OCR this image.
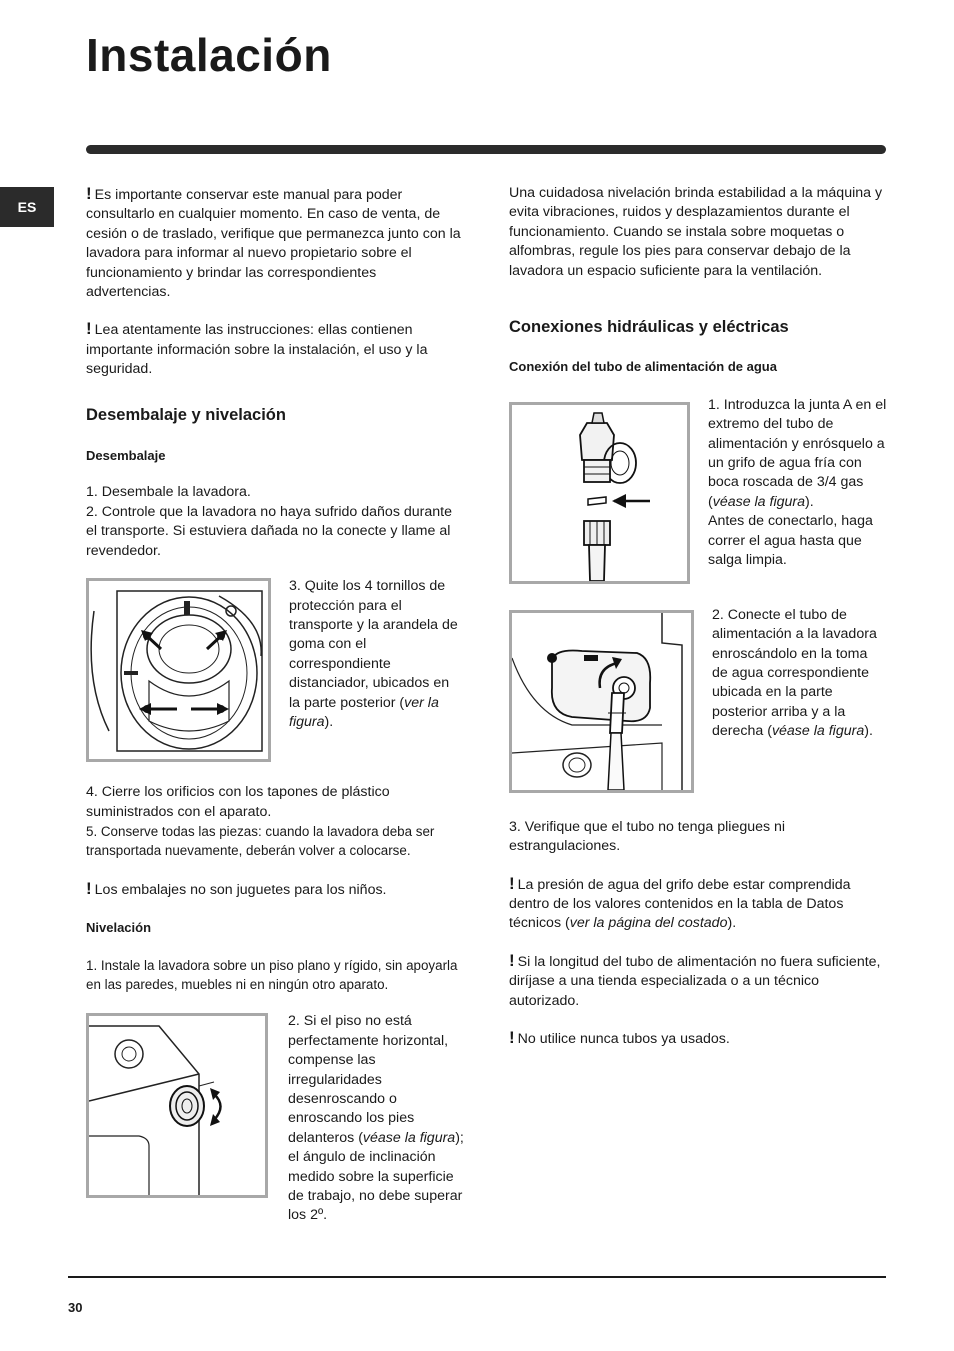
Instalación
ES

! Es importante conservar este manual para poder consultarlo en cualquier momento. En caso de venta, de cesión o de traslado, verifique que permanezca junto con la lavadora para informar al nuevo propietario sobre el funcionamiento y brindar las correspondientes advertencias.

! Lea atentamente las instrucciones: ellas contienen importante información sobre la instalación, el uso y la seguridad.

Desembalaje y nivelación
Desembalaje

1. Desembale la lavadora.

2. Controle que la lavadora no haya sufrido daños durante el transporte. Si estuviera dañada no la conecte y llame al revendedor.

3. Quite los 4 tornillos de protección para el transporte y la arandela de goma con el correspondiente distanciador, ubicados en la parte posterior (ver la figura).

4. Cierre los orificios con los tapones de plástico suministrados con el aparato.

5. Conserve todas las piezas: cuando la lavadora deba ser transportada nuevamente, deberán volver a colocarse.

! Los embalajes no son juguetes para los niños.

Nivelación

1. Instale la lavadora sobre un piso plano y rígido, sin apoyarla en las paredes, muebles ni en ningún otro aparato.

2. Si el piso no está perfectamente horizontal, compense las irregularidades desenroscando o enroscando los pies delanteros (véase la figura); el ángulo de inclinación medido sobre la superficie de trabajo, no debe superar los 2º.

Una cuidadosa nivelación brinda estabilidad a la máquina y evita vibraciones, ruidos y desplazamientos durante el funcionamiento. Cuando se instala sobre moquetas o alfombras, regule los pies para conservar debajo de la lavadora un espacio suficiente para la ventilación.

Conexiones hidráulicas y eléctricas
Conexión del tubo de alimentación de agua

1. Introduzca la junta A en el extremo del tubo de alimentación y enrósquelo a un grifo de agua fría con boca roscada de 3/4 gas (véase la figura).
Antes de conectarlo, haga correr el agua hasta que salga limpia.

2. Conecte el tubo de alimentación a la lavadora enroscándolo en la toma de agua correspondiente ubicada en la parte posterior arriba y a la derecha (véase la figura).

3. Verifique que el tubo no tenga pliegues ni estrangulaciones.

! La presión de agua del grifo debe estar comprendida dentro de los valores contenidos en la tabla de Datos técnicos (ver la página del costado).

! Si la longitud del tubo de alimentación no fuera suficiente, diríjase a una tienda especializada o a un técnico autorizado.

! No utilice nunca tubos ya usados.

30
